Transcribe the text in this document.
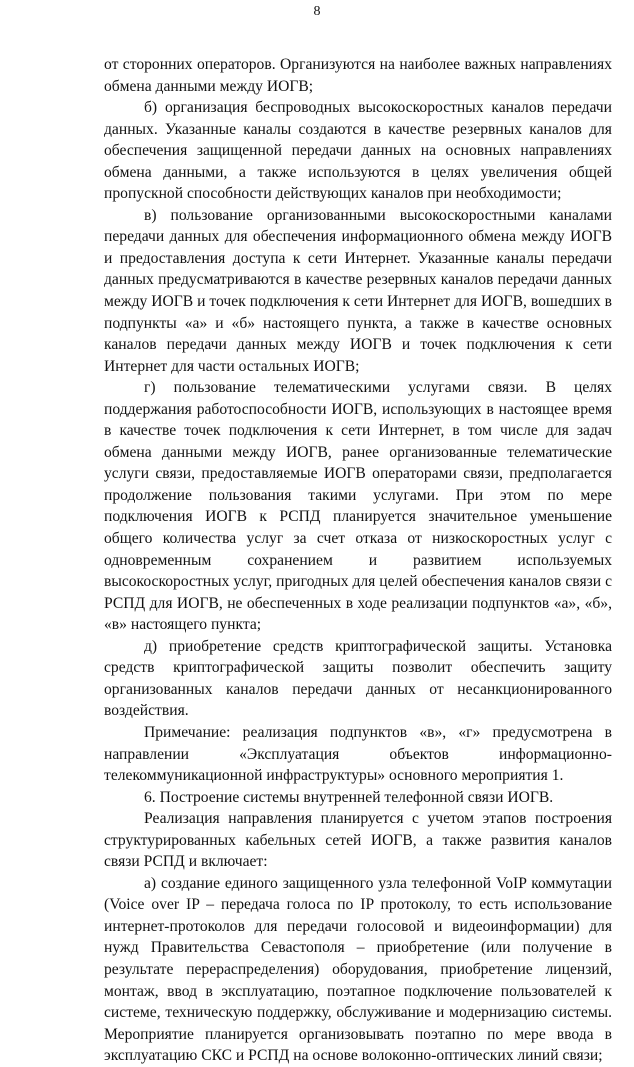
8

от сторонних операторов. Организуются на наиболее важных направлениях обмена данными между ИОГВ;

б) организация беспроводных высокоскоростных каналов передачи данных. Указанные каналы создаются в качестве резервных каналов для обеспечения защищенной передачи данных на основных направлениях обмена данными, а также используются в целях увеличения общей пропускной способности действующих каналов при необходимости;

в) пользование организованными высокоскоростными каналами передачи данных для обеспечения информационного обмена между ИОГВ и предоставления доступа к сети Интернет. Указанные каналы передачи данных предусматриваются в качестве резервных каналов передачи данных между ИОГВ и точек подключения к сети Интернет для ИОГВ, вошедших в подпункты «а» и «б» настоящего пункта, а также в качестве основных каналов передачи данных между ИОГВ и точек подключения к сети Интернет для части остальных ИОГВ;

г) пользование телематическими услугами связи. В целях поддержания работоспособности ИОГВ, использующих в настоящее время в качестве точек подключения к сети Интернет, в том числе для задач обмена данными между ИОГВ, ранее организованные телематические услуги связи, предоставляемые ИОГВ операторами связи, предполагается продолжение пользования такими услугами. При этом по мере подключения ИОГВ к РСПД планируется значительное уменьшение общего количества услуг за счет отказа от низкоскоростных услуг с одновременным сохранением и развитием используемых высокоскоростных услуг, пригодных для целей обеспечения каналов связи с РСПД для ИОГВ, не обеспеченных в ходе реализации подпунктов «а», «б», «в» настоящего пункта;

д) приобретение средств криптографической защиты. Установка средств криптографической защиты позволит обеспечить защиту организованных каналов передачи данных от несанкционированного воздействия.

Примечание: реализация подпунктов «в», «г» предусмотрена в направлении «Эксплуатация объектов информационно-телекоммуникационной инфраструктуры» основного мероприятия 1.

6. Построение системы внутренней телефонной связи ИОГВ.

Реализация направления планируется с учетом этапов построения структурированных кабельных сетей ИОГВ, а также развития каналов связи РСПД и включает:

а) создание единого защищенного узла телефонной VoIP коммутации (Voice over IP – передача голоса по IP протоколу, то есть использование интернет-протоколов для передачи голосовой и видеоинформации) для нужд Правительства Севастополя – приобретение (или получение в результате перераспределения) оборудования, приобретение лицензий, монтаж, ввод в эксплуатацию, поэтапное подключение пользователей к системе, техническую поддержку, обслуживание и модернизацию системы. Мероприятие планируется организовывать поэтапно по мере ввода в эксплуатацию СКС и РСПД на основе волоконно-оптических линий связи;
